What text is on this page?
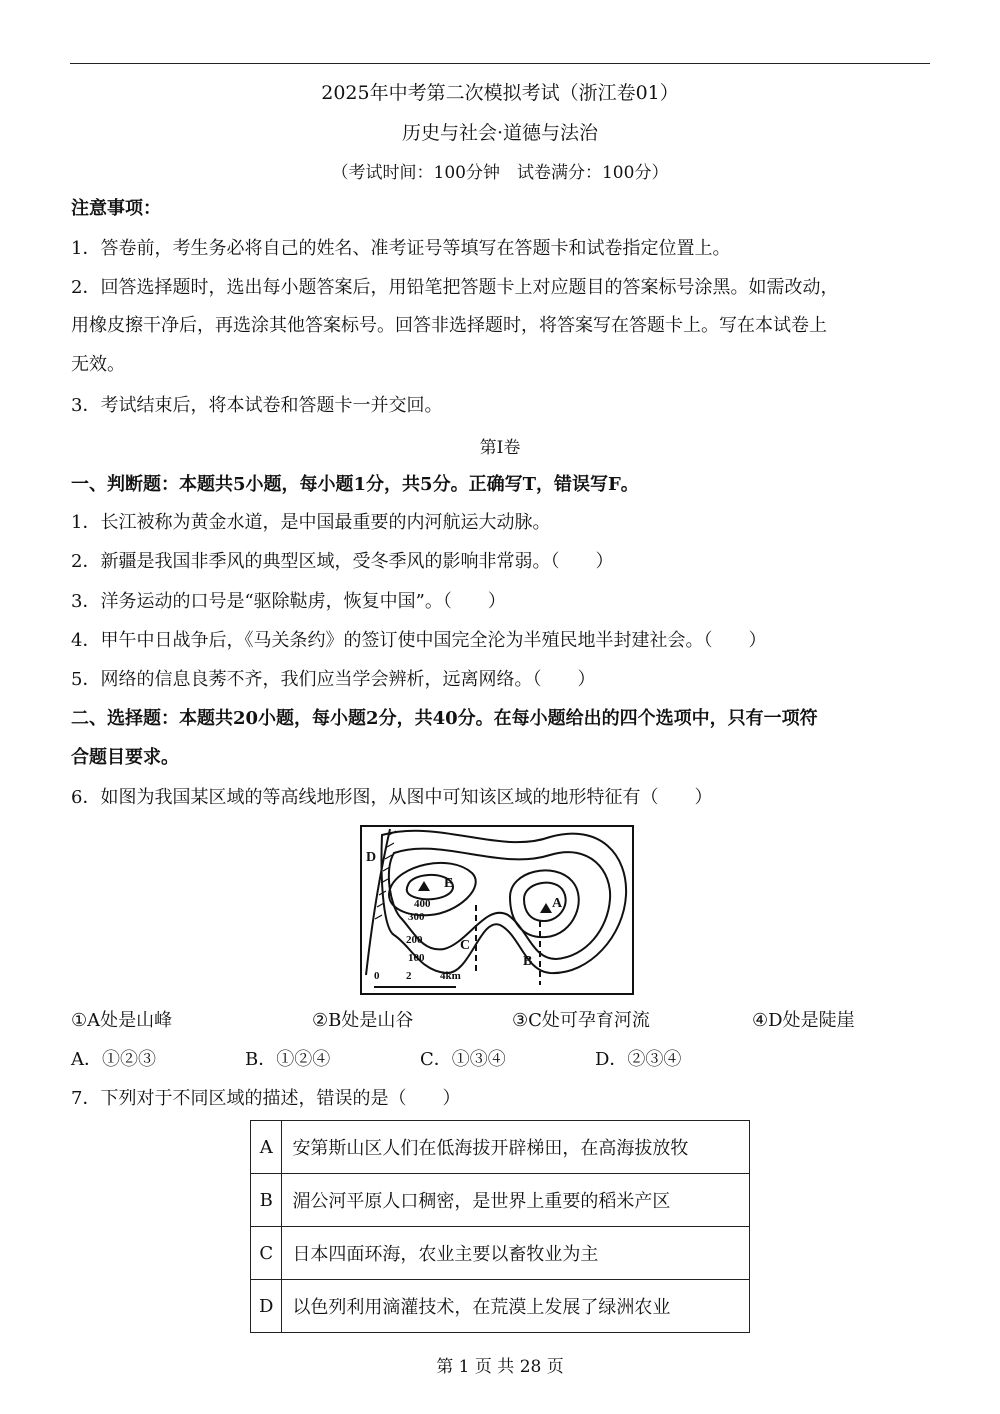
2025年中考第二次模拟考试（浙江卷01）
历史与社会·道德与法治
（考试时间：100分钟　试卷满分：100分）
注意事项：
1．答卷前，考生务必将自己的姓名、准考证号等填写在答题卡和试卷指定位置上。
2．回答选择题时，选出每小题答案后，用铅笔把答题卡上对应题目的答案标号涂黑。如需改动，
用橡皮擦干净后，再选涂其他答案标号。回答非选择题时，将答案写在答题卡上。写在本试卷上
无效。
3．考试结束后，将本试卷和答题卡一并交回。
第I卷
一、判断题：本题共5小题，每小题1分，共5分。正确写T，错误写F。
1．长江被称为黄金水道，是中国最重要的内河航运大动脉。
2．新疆是我国非季风的典型区域，受冬季风的影响非常弱。（　　）
3．洋务运动的口号是“驱除鞑虏，恢复中国”。（　　）
4．甲午中日战争后，《马关条约》的签订使中国完全沦为半殖民地半封建社会。（　　）
5．网络的信息良莠不齐，我们应当学会辨析，远离网络。（　　）
二、选择题：本题共20小题，每小题2分，共40分。在每小题给出的四个选项中，只有一项符
合题目要求。
6．如图为我国某区域的等高线地形图，从图中可知该区域的地形特征有（　　）
D
E
A
B
C
400
300
200
100
0 2	4km
①A处是山峰	②B处是山谷	③C处可孕育河流	④D处是陡崖
A．①②③	B．①②④	C．①③④	D．②③④
7．下列对于不同区域的描述，错误的是（　　）
A	安第斯山区人们在低海拔开辟梯田，在高海拔放牧
B	湄公河平原人口稠密，是世界上重要的稻米产区
C	日本四面环海，农业主要以畜牧业为主
D	以色列利用滴灌技术，在荒漠上发展了绿洲农业
第 1 页 共 28 页
